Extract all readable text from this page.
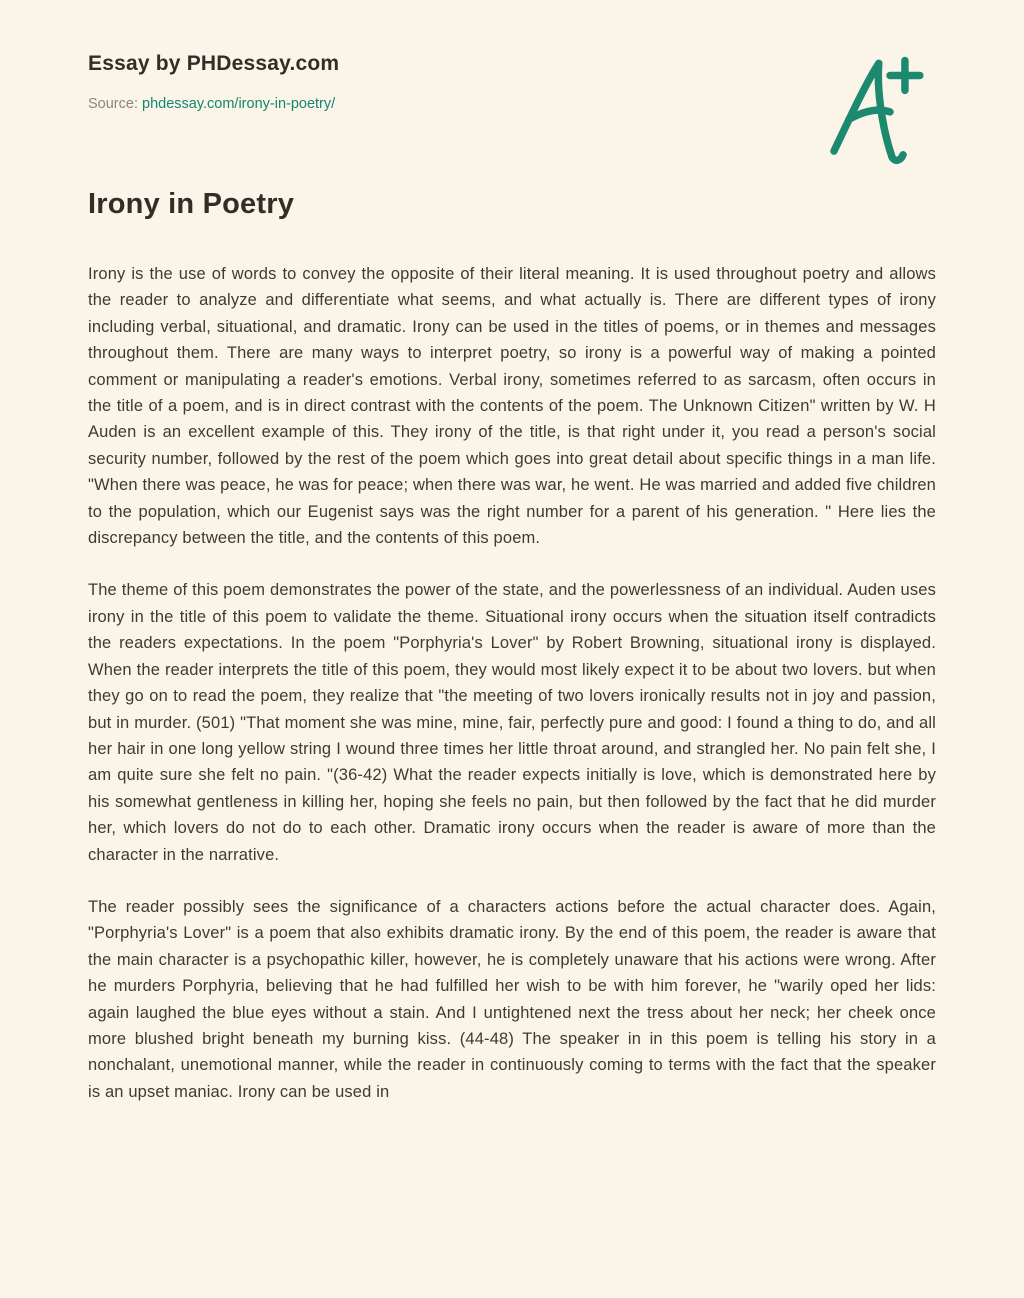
Essay by PHDessay.com
Source: phdessay.com/irony-in-poetry/
Irony in Poetry

Irony is the use of words to convey the opposite of their literal meaning. It is used throughout poetry and allows the reader to analyze and differentiate what seems, and what actually is. There are different types of irony including verbal, situational, and dramatic. Irony can be used in the titles of poems, or in themes and messages throughout them. There are many ways to interpret poetry, so irony is a powerful way of making a pointed comment or manipulating a reader's emotions. Verbal irony, sometimes referred to as sarcasm, often occurs in the title of a poem, and is in direct contrast with the contents of the poem. The Unknown Citizen" written by W. H Auden is an excellent example of this. They irony of the title, is that right under it, you read a person's social security number, followed by the rest of the poem which goes into great detail about specific things in a man life. "When there was peace, he was for peace; when there was war, he went. He was married and added five children to the population, which our Eugenist says was the right number for a parent of his generation. " Here lies the discrepancy between the title, and the contents of this poem.

The theme of this poem demonstrates the power of the state, and the powerlessness of an individual. Auden uses irony in the title of this poem to validate the theme. Situational irony occurs when the situation itself contradicts the readers expectations. In the poem "Porphyria's Lover" by Robert Browning, situational irony is displayed. When the reader interprets the title of this poem, they would most likely expect it to be about two lovers. but when they go on to read the poem, they realize that "the meeting of two lovers ironically results not in joy and passion, but in murder. (501) "That moment she was mine, mine, fair, perfectly pure and good: I found a thing to do, and all her hair in one long yellow string I wound three times her little throat around, and strangled her. No pain felt she, I am quite sure she felt no pain. "(36-42) What the reader expects initially is love, which is demonstrated here by his somewhat gentleness in killing her, hoping she feels no pain, but then followed by the fact that he did murder her, which lovers do not do to each other. Dramatic irony occurs when the reader is aware of more than the character in the narrative.

The reader possibly sees the significance of a characters actions before the actual character does. Again, "Porphyria's Lover" is a poem that also exhibits dramatic irony. By the end of this poem, the reader is aware that the main character is a psychopathic killer, however, he is completely unaware that his actions were wrong. After he murders Porphyria, believing that he had fulfilled her wish to be with him forever, he "warily oped her lids: again laughed the blue eyes without a stain. And I untightened next the tress about her neck; her cheek once more blushed bright beneath my burning kiss. (44-48) The speaker in in this poem is telling his story in a nonchalant, unemotional manner, while the reader in continuously coming to terms with the fact that the speaker is an upset maniac. Irony can be used in
